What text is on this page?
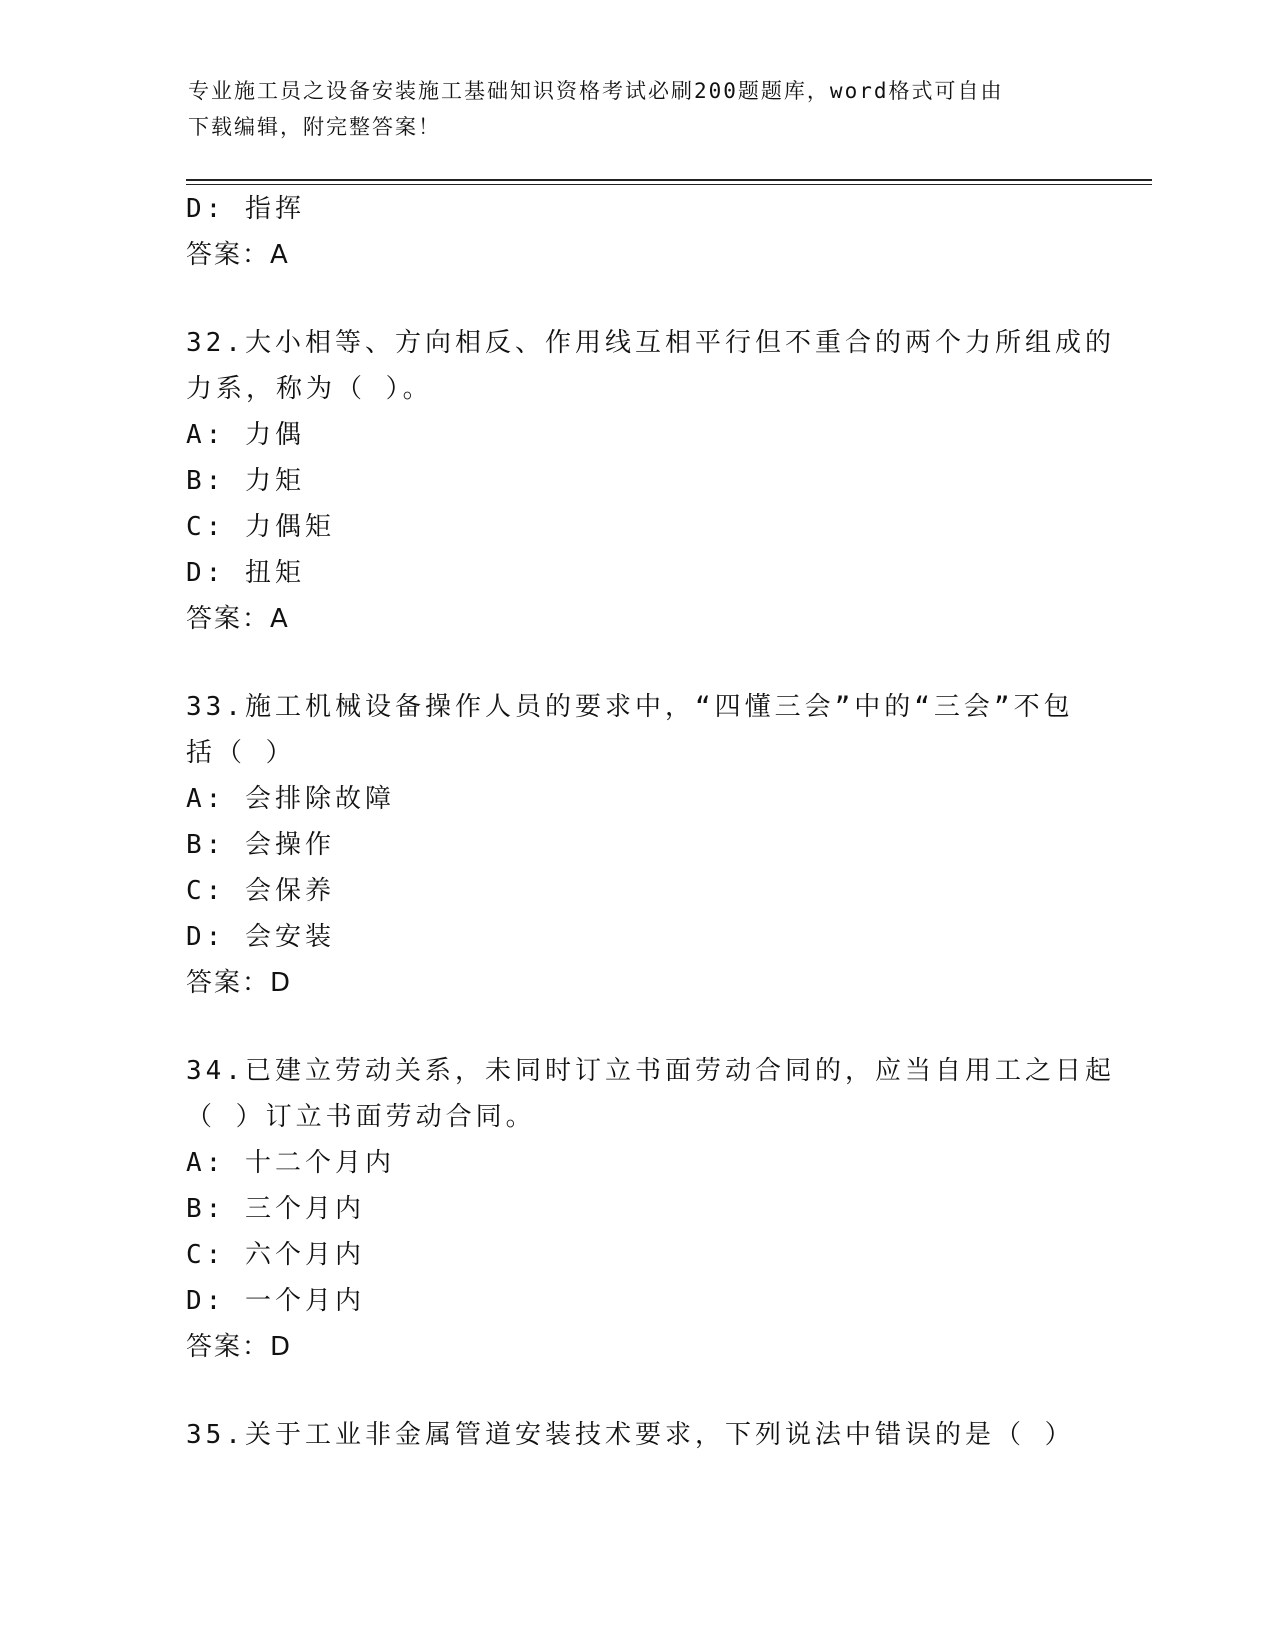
专业施工员之设备安装施工基础知识资格考试必刷200题题库，word格式可自由
下载编辑，附完整答案！
D: 指挥
答案：A
32.大小相等、方向相反、作用线互相平行但不重合的两个力所组成的
力系，称为（ ）。
A: 力偶
B: 力矩
C: 力偶矩
D: 扭矩
答案：A
33.施工机械设备操作人员的要求中，“四懂三会”中的“三会”不包
括（ ）
A: 会排除故障
B: 会操作
C: 会保养
D: 会安装
答案：D
34.已建立劳动关系，未同时订立书面劳动合同的，应当自用工之日起
（ ）订立书面劳动合同。
A: 十二个月内
B: 三个月内
C: 六个月内
D: 一个月内
答案：D
35.关于工业非金属管道安装技术要求，下列说法中错误的是（ ）
